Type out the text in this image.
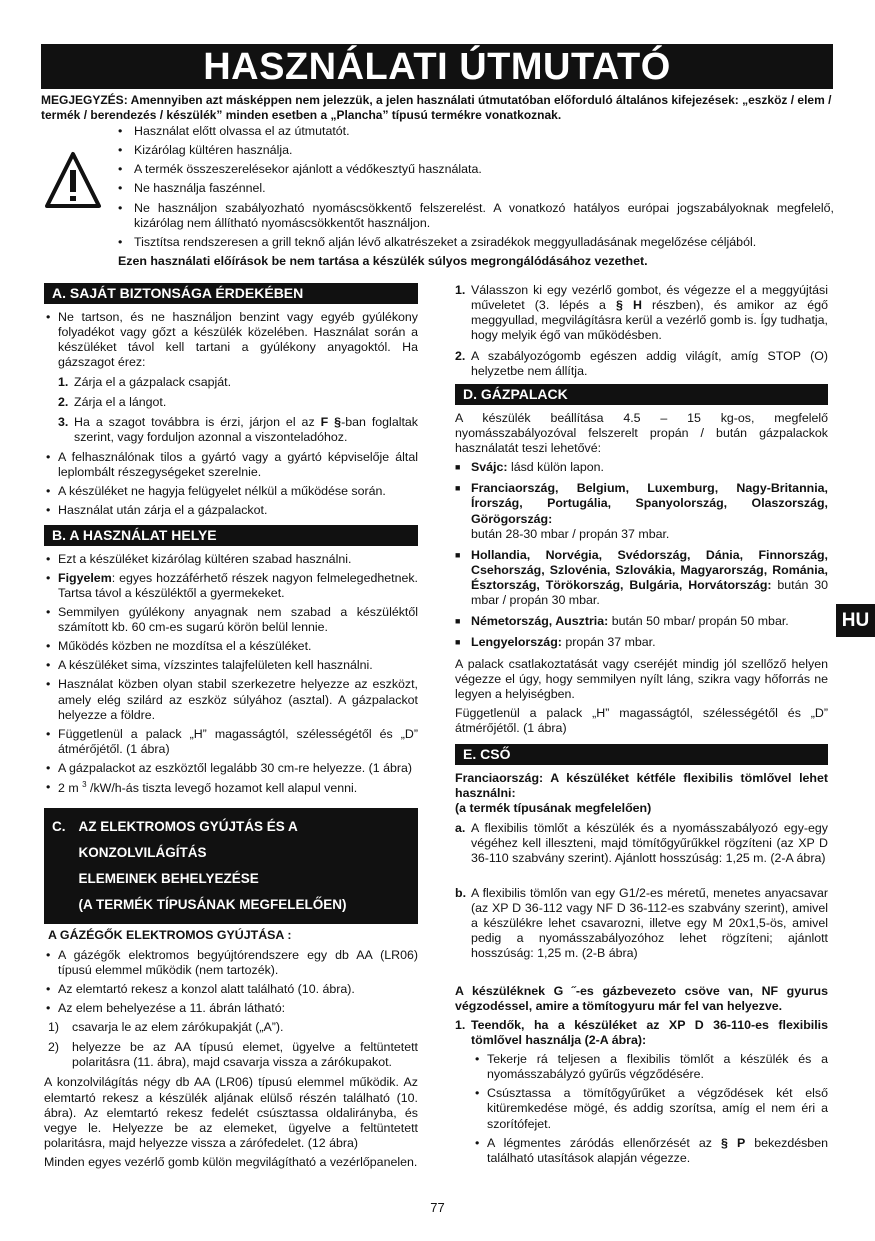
HASZNÁLATI ÚTMUTATÓ
MEGJEGYZÉS: Amennyiben azt másképpen nem jelezzük, a jelen használati útmutatóban előforduló általános kifejezések: „eszköz / elem / termék / berendezés / készülék” minden esetben a „Plancha” típusú termékre vonatkoznak.
• Használat előtt olvassa el az útmutatót.
• Kizárólag kültéren használja.
• A termék összeszerelésekor ajánlott a védőkesztyű használata.
• Ne használja faszénnel.
• Ne használjon szabályozható nyomáscsökkentő felszerelést. A vonatkozó hatályos európai jogszabályoknak megfelelő, kizárólag nem állítható nyomáscsökkentőt használjon.
• Tisztítsa rendszeresen a grill teknő alján lévő alkatrészeket a zsiradékok meggyulladásának megelőzése céljából.
Ezen használati előírások be nem tartása a készülék súlyos megrongálódásához vezethet.
A. SAJÁT BIZTONSÁGA ÉRDEKÉBEN
• Ne tartson, és ne használjon benzint vagy egyéb gyúlékony folyadékot vagy gőzt a készülék közelében. Használat során a készüléket távol kell tartani a gyúlékony anyagoktól. Ha gázszagot érez:
1. Zárja el a gázpalack csapját.
2. Zárja el a lángot.
3. Ha a szagot továbbra is érzi, járjon el az F §-ban foglaltak szerint, vagy forduljon azonnal a viszonteladóhoz.
• A felhasználónak tilos a gyártó vagy a gyártó képviselője által leplombált részegységeket szerelnie.
• A készüléket ne hagyja felügyelet nélkül a működése során.
• Használat után zárja el a gázpalackot.
B. A HASZNÁLAT HELYE
• Ezt a készüléket kizárólag kültéren szabad használni.
• Figyelem: egyes hozzáférhető részek nagyon felmelegedhetnek. Tartsa távol a készüléktől a gyermekeket.
• Semmilyen gyúlékony anyagnak nem szabad a készüléktől számított kb. 60 cm-es sugarú körön belül lennie.
• Működés közben ne mozdítsa el a készüléket.
• A készüléket sima, vízszintes talajfelületen kell használni.
• Használat közben olyan stabil szerkezetre helyezze az eszközt, amely elég szilárd az eszköz súlyához (asztal). A gázpalackot helyezze a földre.
• Függetlenül a palack „H” magasságtól, szélességétől és „D” átmérőjétől. (1 ábra)
• A gázpalackot az eszköztől legalább 30 cm-re helyezze. (1 ábra)
• 2 m $^3$ /kW/h-ás tiszta levegő hozamot kell alapul venni.
C. AZ ELEKTROMOS GYÚJTÁS ÉS A KONZOLVILÁGÍTÁS
ELEMEINEK BEHELYEZÉSE
(A TERMÉK TÍPUSÁNAK MEGFELELŐEN)
A GÁZÉGŐK ELEKTROMOS GYÚJTÁSA :
• A gázégők elektromos begyújtórendszere egy db AA (LR06) típusú elemmel működik (nem tartozék).
• Az elemtartó rekesz a konzol alatt található (10. ábra).
• Az elem behelyezése a 11. ábrán látható:
1) csavarja le az elem zárókupakját („A”).
2) helyezze be az AA típusú elemet, ügyelve a feltüntetett polaritásra (11. ábra), majd csavarja vissza a zárókupakot.

A konzolvilágítás négy db AA (LR06) típusú elemmel működik. Az elemtartó rekesz a készülék aljának elülső részén található (10. ábra). Az elemtartó rekesz fedelét csúsztassa oldalirányba, és vegye le. Helyezze be az elemeket, ügyelve a feltüntetett polaritásra, majd helyezze vissza a zárófedelet. (12 ábra)

Minden egyes vezérlő gomb külön megvilágítható a vezérlőpanelen.

1. Válasszon ki egy vezérlő gombot, és végezze el a meggyújtási műveletet (3. lépés a § H részben), és amikor az égő meggyullad, megvilágításra kerül a vezérlő gomb is. Így tudhatja, hogy melyik égő van működésben.
2. A szabályozógomb egészen addig világít, amíg STOP (O) helyzetbe nem állítja.
D. GÁZPALACK

A készülék beállítása 4.5 – 15 kg-os, megfelelő nyomásszabályozóval felszerelt propán / bután gázpalackok használatát teszi lehetővé:

■ Svájc: lásd külön lapon.
■ Franciaország, Belgium, Luxemburg, Nagy-Britannia, Írország, Portugália, Spanyolország, Olaszország, Görögország:
bután 28-30 mbar / propán 37 mbar.
■ Hollandia, Norvégia, Svédország, Dánia, Finnország, Csehország, Szlovénia, Szlovákia, Magyarország, Románia, Észtország, Törökország, Bulgária, Horvátország: bután 30 mbar / propán 30 mbar.
■ Németország, Ausztria: bután 50 mbar/ propán 50 mbar.
■ Lengyelország: propán 37 mbar.

A palack csatlakoztatását vagy cseréjét mindig jól szellőző helyen végezze el úgy, hogy semmilyen nyílt láng, szikra vagy hőforrás ne legyen a helyiségben.

Függetlenül a palack „H” magasságtól, szélességétől és „D” átmérőjétől. (1 ábra)

E. CSŐ

Franciaország: A készüléket kétféle flexibilis tömlővel lehet használni:

(a termék típusának megfelelően)

a. A flexibilis tömlőt a készülék és a nyomásszabályozó egy-egy végéhez kell illeszteni, majd tömítőgyűrűkkel rögzíteni (az XP D 36-110 szabvány szerint). Ajánlott hosszúság: 1,25 m. (2-A ábra)
b. A flexibilis tömlőn van egy G1/2-es méretű, menetes anyacsavar (az XP D 36-112 vagy NF D 36-112-es szabvány szerint), amivel a készülékre lehet csavarozni, illetve egy M 20x1,5-ös, amivel pedig a nyomásszabályozóhoz lehet rögzíteni; ajánlott hosszúság: 1,25 m. (2-B ábra)

A készüléknek G ˝-es gázbevezeto csöve van, NF gyurus végzodéssel, amire a tömítogyuru már fel van helyezve.

1. Teendők, ha a készüléket az XP D 36-110-es flexibilis tömlővel használja (2-A ábra):
• Tekerje rá teljesen a flexibilis tömlőt a készülék és a nyomásszabályzó gyűrűs végződésére.
• Csúsztassa a tömítőgyűrűket a végződések két első kitüremkedése mögé, és addig szorítsa, amíg el nem éri a szorítófejet.
• A légmentes záródás ellenőrzését az § P bekezdésben található utasítások alapján végezze.
HU
77
